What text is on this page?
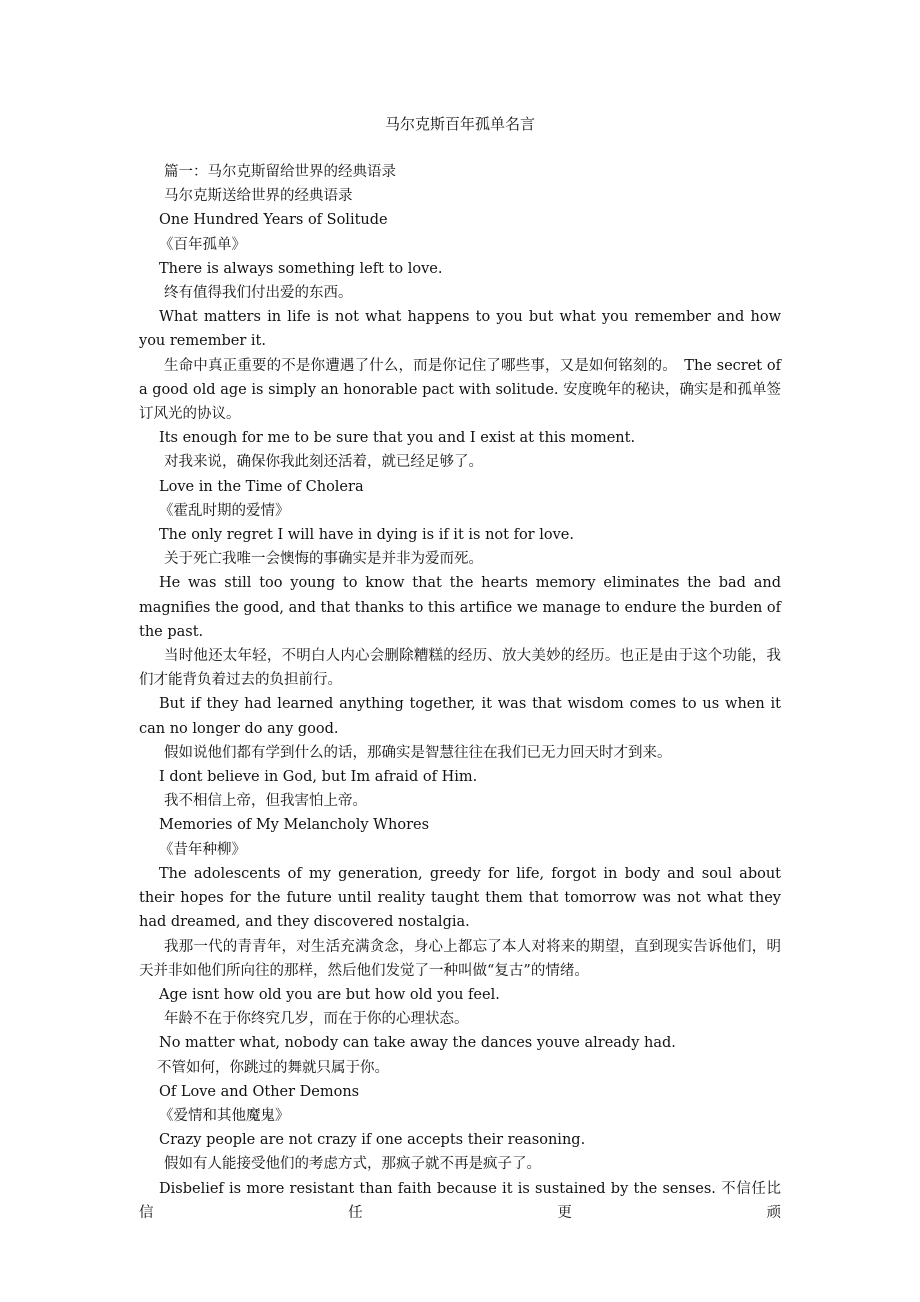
马尔克斯百年孤单名言

篇一：马尔克斯留给世界的经典语录

马尔克斯送给世界的经典语录

One Hundred Years of Solitude

《百年孤单》

There is always something left to love.

终有值得我们付出爱的东西。

What matters in life is not what happens to you but what you remember and how you remember it.

生命中真正重要的不是你遭遇了什么，而是你记住了哪些事，又是如何铭刻的。　The secret of a good old age is simply an honorable pact with solitude. 安度晚年的秘诀，确实是和孤单签订风光的协议。

Its enough for me to be sure that you and I exist at this moment.

对我来说，确保你我此刻还活着，就已经足够了。

Love in the Time of Cholera

《霍乱时期的爱情》

The only regret I will have in dying is if it is not for love.

关于死亡我唯一会懊悔的事确实是并非为爱而死。

He was still too young to know that the hearts memory eliminates the bad and magnifies the good, and that thanks to this artifice we manage to endure the burden of the past.

当时他还太年轻，不明白人内心会删除糟糕的经历、放大美妙的经历。也正是由于这个功能，我们才能背负着过去的负担前行。

But if they had learned anything together, it was that wisdom comes to us when it can no longer do any good.

假如说他们都有学到什么的话，那确实是智慧往往在我们已无力回天时才到来。

I dont believe in God, but Im afraid of Him.

我不相信上帝，但我害怕上帝。

Memories of My Melancholy Whores

《昔年种柳》

The adolescents of my generation, greedy for life, forgot in body and soul about their hopes for the future until reality taught them that tomorrow was not what they had dreamed, and they discovered nostalgia.

我那一代的青青年，对生活充满贪念，身心上都忘了本人对将来的期望，直到现实告诉他们，明天并非如他们所向往的那样，然后他们发觉了一种叫做“复古”的情绪。

Age isnt how old you are but how old you feel.

年龄不在于你终究几岁，而在于你的心理状态。

No matter what, nobody can take away the dances youve already had.

不管如何，你跳过的舞就只属于你。

Of Love and Other Demons

《爱情和其他魔鬼》

Crazy people are not crazy if one accepts their reasoning.

假如有人能接受他们的考虑方式，那疯子就不再是疯子了。

Disbelief is more resistant than faith because it is sustained by the senses. 不信任比信任更顽
